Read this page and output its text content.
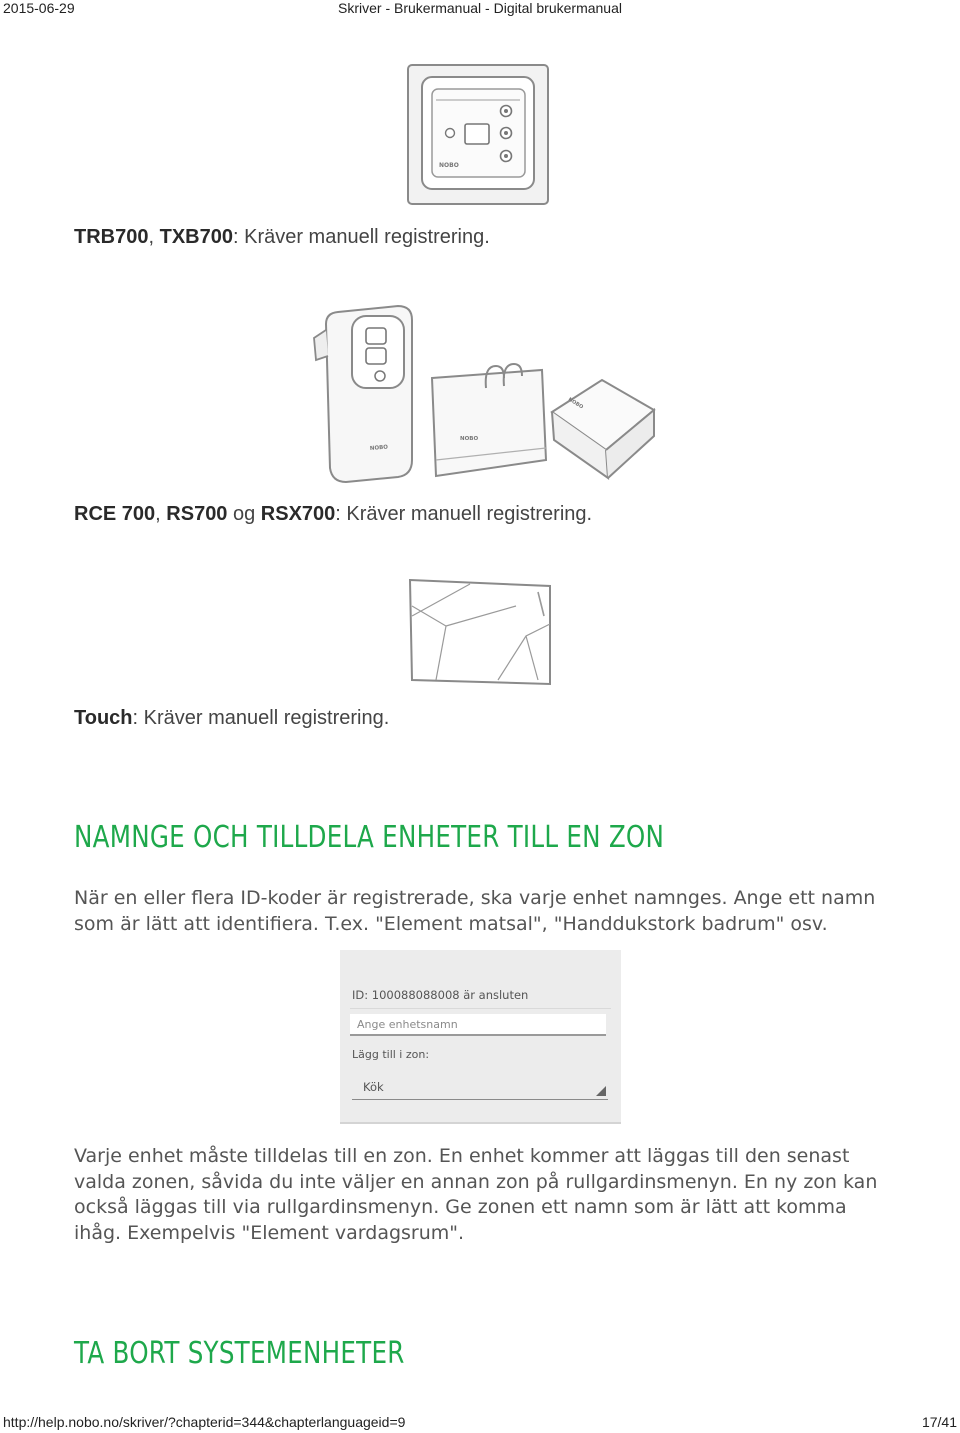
2015-06-29	Skriver - Brukermanual - Digital brukermanual
NOBO

TRB700, TXB700: Kräver manuell registrering.

NOBO
NOBO
NOBO

RCE 700, RS700 og RSX700: Kräver manuell registrering.

Touch: Kräver manuell registrering.

NAMNGE OCH TILLDELA ENHETER TILL EN ZON

När en eller flera ID-koder är registrerade, ska varje enhet namnges. Ange ett namn som är lätt att identifiera. T.ex. "Element matsal", "Handdukstork badrum" osv.

ID: 100088088008 är ansluten
Ange enhetsnamn
Lägg till i zon:
Kök

Varje enhet måste tilldelas till en zon. En enhet kommer att läggas till den senast valda zonen, såvida du inte väljer en annan zon på rullgardinsmenyn. En ny zon kan också läggas till via rullgardinsmenyn. Ge zonen ett namn som är lätt att komma ihåg. Exempelvis "Element vardagsrum".

TA BORT SYSTEMENHETER
http://help.nobo.no/skriver/?chapterid=344&chapterlanguageid=9	17/41
